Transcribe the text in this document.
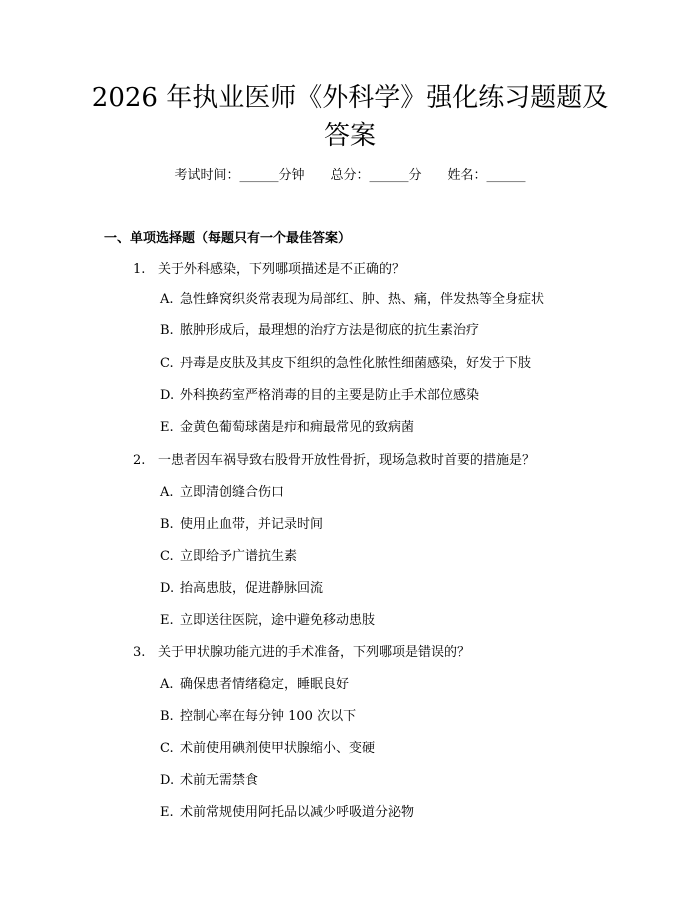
2026 年执业医师《外科学》强化练习题题及
答案
考试时间：______分钟 总分：______分 姓名：______
一、单项选择题（每题只有一个最佳答案）
1. 关于外科感染，下列哪项描述是不正确的？
A. 急性蜂窝织炎常表现为局部红、肿、热、痛，伴发热等全身症状
B. 脓肿形成后，最理想的治疗方法是彻底的抗生素治疗
C. 丹毒是皮肤及其皮下组织的急性化脓性细菌感染，好发于下肢
D. 外科换药室严格消毒的目的主要是防止手术部位感染
E. 金黄色葡萄球菌是疖和痈最常见的致病菌
2. 一患者因车祸导致右股骨开放性骨折，现场急救时首要的措施是？
A. 立即清创缝合伤口
B. 使用止血带，并记录时间
C. 立即给予广谱抗生素
D. 抬高患肢，促进静脉回流
E. 立即送往医院，途中避免移动患肢
3. 关于甲状腺功能亢进的手术准备，下列哪项是错误的？
A. 确保患者情绪稳定，睡眠良好
B. 控制心率在每分钟 100 次以下
C. 术前使用碘剂使甲状腺缩小、变硬
D. 术前无需禁食
E. 术前常规使用阿托品以减少呼吸道分泌物
